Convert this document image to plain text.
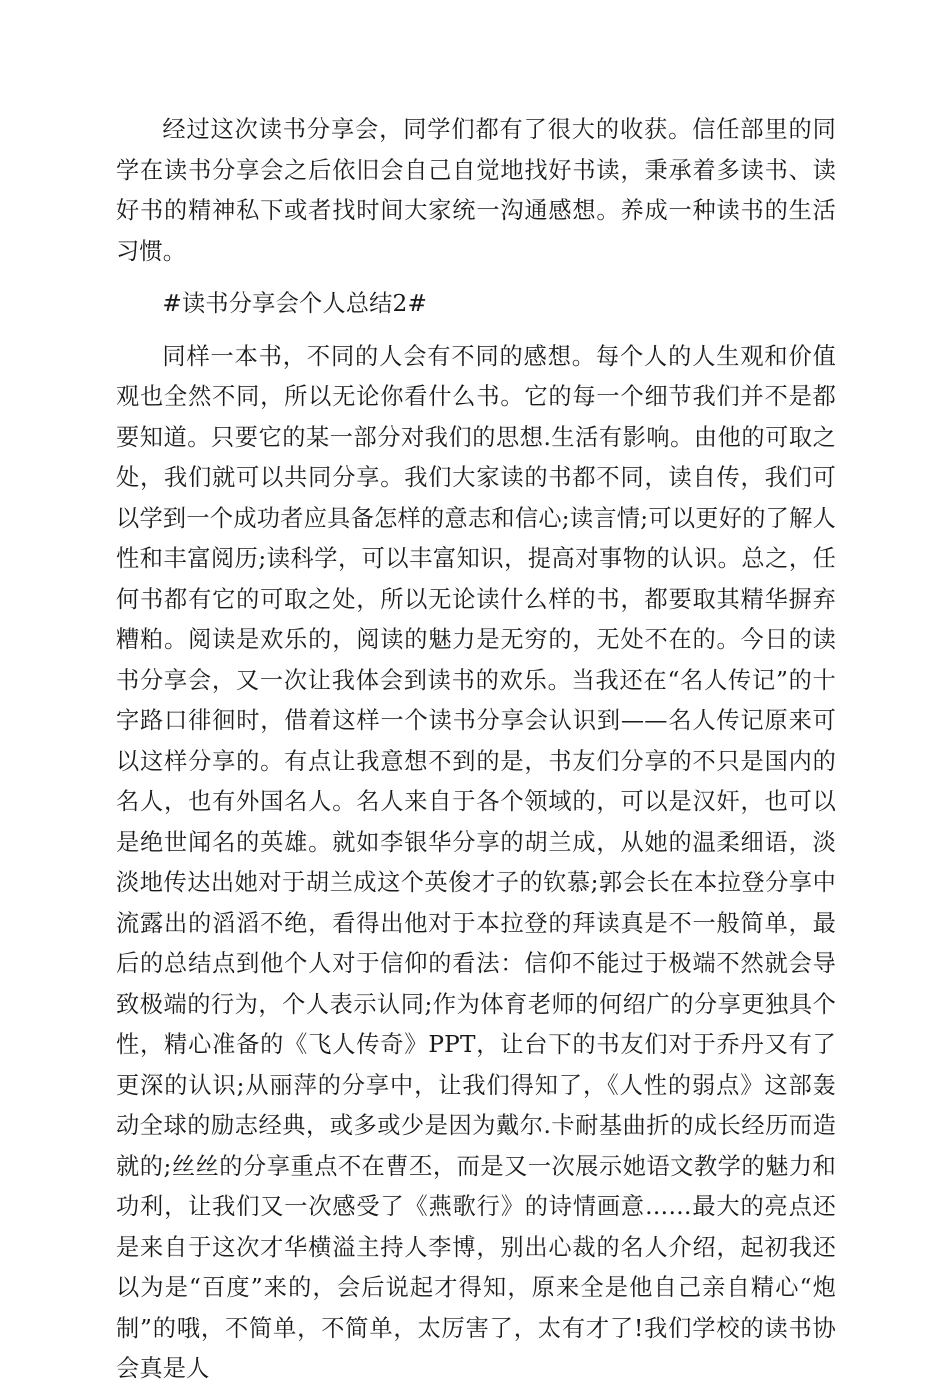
经过这次读书分享会，同学们都有了很大的收获。信任部里的同学在读书分享会之后依旧会自己自觉地找好书读，秉承着多读书、读好书的精神私下或者找时间大家统一沟通感想。养成一种读书的生活习惯。

#读书分享会个人总结2#

同样一本书，不同的人会有不同的感想。每个人的人生观和价值观也全然不同，所以无论你看什么书。它的每一个细节我们并不是都要知道。只要它的某一部分对我们的思想.生活有影响。由他的可取之处，我们就可以共同分享。我们大家读的书都不同，读自传，我们可以学到一个成功者应具备怎样的意志和信心;读言情;可以更好的了解人性和丰富阅历;读科学，可以丰富知识，提高对事物的认识。总之，任何书都有它的可取之处，所以无论读什么样的书，都要取其精华摒弃糟粕。阅读是欢乐的，阅读的魅力是无穷的，无处不在的。今日的读书分享会，又一次让我体会到读书的欢乐。当我还在“名人传记”的十字路口徘徊时，借着这样一个读书分享会认识到——名人传记原来可以这样分享的。有点让我意想不到的是，书友们分享的不只是国内的名人，也有外国名人。名人来自于各个领域的，可以是汉奸，也可以是绝世闻名的英雄。就如李银华分享的胡兰成，从她的温柔细语，淡淡地传达出她对于胡兰成这个英俊才子的钦慕;郭会长在本拉登分享中流露出的滔滔不绝，看得出他对于本拉登的拜读真是不一般简单，最后的总结点到他个人对于信仰的看法：信仰不能过于极端不然就会导致极端的行为，个人表示认同;作为体育老师的何绍广的分享更独具个性，精心准备的《飞人传奇》PPT，让台下的书友们对于乔丹又有了更深的认识;从丽萍的分享中，让我们得知了，《人性的弱点》这部轰动全球的励志经典，或多或少是因为戴尔.卡耐基曲折的成长经历而造就的;丝丝的分享重点不在曹丕，而是又一次展示她语文教学的魅力和功利，让我们又一次感受了《燕歌行》的诗情画意……最大的亮点还是来自于这次才华横溢主持人李博，别出心裁的名人介绍，起初我还以为是“百度”来的，会后说起才得知，原来全是他自己亲自精心“炮制”的哦，不简单，不简单，太厉害了，太有才了!我们学校的读书协会真是人
